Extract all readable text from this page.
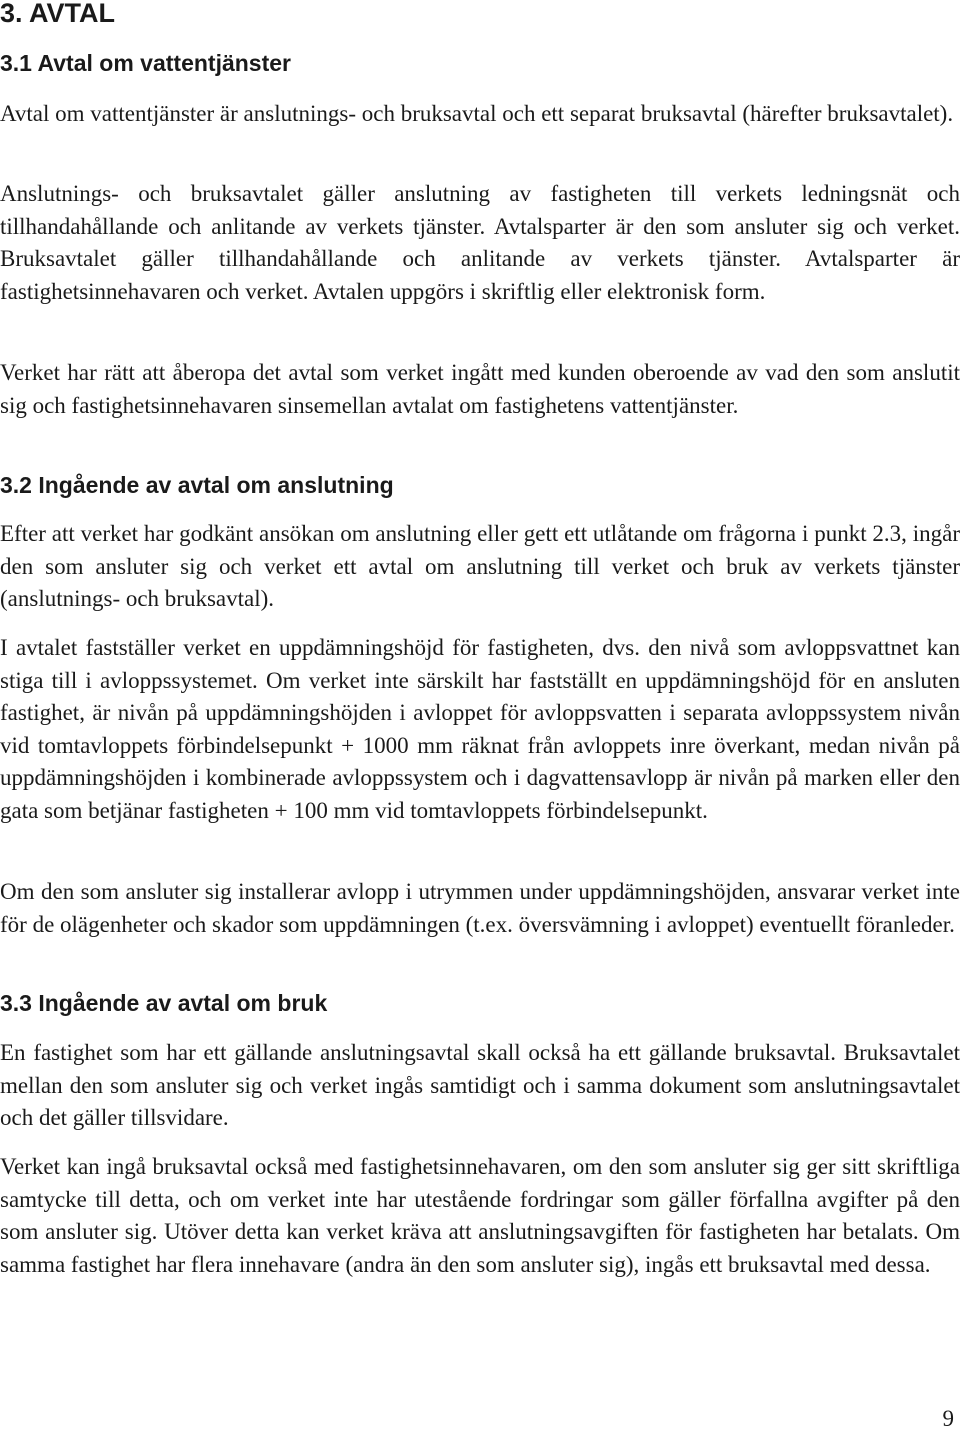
3. AVTAL
3.1 Avtal om vattentjänster

Avtal om vattentjänster är anslutnings- och bruksavtal och ett separat bruksavtal (härefter bruksavtalet).

Anslutnings- och bruksavtalet gäller anslutning av fastigheten till verkets ledningsnät och tillhandahållande och anlitande av verkets tjänster. Avtalsparter är den som ansluter sig och verket. Bruksavtalet gäller tillhandahållande och anlitande av verkets tjänster. Avtalsparter är fastighetsinnehavaren och verket. Avtalen uppgörs i skriftlig eller elektronisk form.

Verket har rätt att åberopa det avtal som verket ingått med kunden oberoende av vad den som anslutit sig och fastighetsinnehavaren sinsemellan avtalat om fastighetens vattentjänster.

3.2 Ingående av avtal om anslutning

Efter att verket har godkänt ansökan om anslutning eller gett ett utlåtande om frågorna i punkt 2.3, ingår den som ansluter sig och verket ett avtal om anslutning till verket och bruk av verkets tjänster (anslutnings- och bruksavtal).

I avtalet fastställer verket en uppdämningshöjd för fastigheten, dvs. den nivå som avloppsvattnet kan stiga till i avloppssystemet. Om verket inte särskilt har fastställt en uppdämningshöjd för en ansluten fastighet, är nivån på uppdämningshöjden i avloppet för avloppsvatten i separata avloppssystem nivån vid tomtavloppets förbindelsepunkt + 1000 mm räknat från avloppets inre överkant, medan nivån på uppdämningshöjden i kombinerade avloppssystem och i dagvattensavlopp är nivån på marken eller den gata som betjänar fastigheten + 100 mm vid tomtavloppets förbindelsepunkt.

Om den som ansluter sig installerar avlopp i utrymmen under uppdämningshöjden, ansvarar verket inte för de olägenheter och skador som uppdämningen (t.ex. översvämning i avloppet) eventuellt föranleder.

3.3 Ingående av avtal om bruk

En fastighet som har ett gällande anslutningsavtal skall också ha ett gällande bruksavtal. Bruksavtalet mellan den som ansluter sig och verket ingås samtidigt och i samma dokument som anslutningsavtalet och det gäller tillsvidare.

Verket kan ingå bruksavtal också med fastighetsinnehavaren, om den som ansluter sig ger sitt skriftliga samtycke till detta, och om verket inte har utestående fordringar som gäller förfallna avgifter på den som ansluter sig. Utöver detta kan verket kräva att anslutningsavgiften för fastigheten har betalats. Om samma fastighet har flera innehavare (andra än den som ansluter sig), ingås ett bruksavtal med dessa.

9
